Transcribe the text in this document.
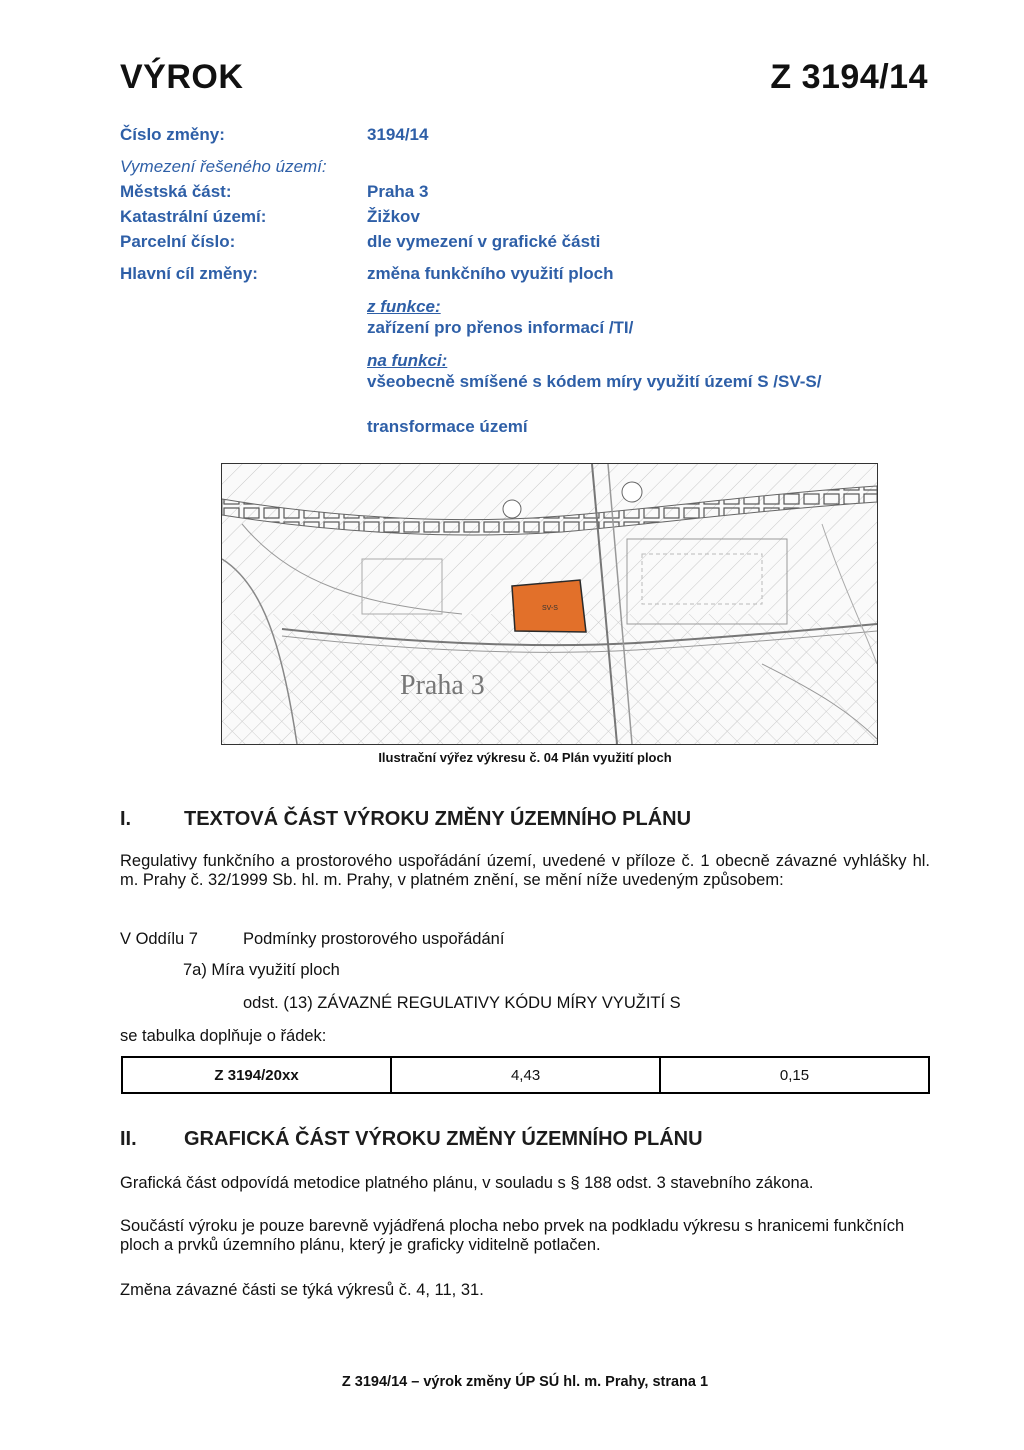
VÝROK	Z 3194/14
Číslo změny:	3194/14
Vymezení řešeného území:
Městská část:	Praha 3
Katastrální území:	Žižkov
Parcelní číslo:	dle vymezení v grafické části
Hlavní cíl změny:	změna funkčního využití ploch
z funkce:
zařízení pro přenos informací /TI/
na funkci:
všeobecně smíšené s kódem míry využití území S /SV-S/
transformace území
SV-S
Praha 3
Ilustrační výřez výkresu č. 04 Plán využití ploch
I.	TEXTOVÁ ČÁST VÝROKU ZMĚNY ÚZEMNÍHO PLÁNU
Regulativy funkčního a prostorového uspořádání území, uvedené v příloze č. 1 obecně závazné vyhlášky hl. m. Prahy č. 32/1999 Sb. hl. m. Prahy, v platném znění, se mění níže uvedeným způsobem:
V Oddílu 7	Podmínky prostorového uspořádání
7a) Míra využití ploch
odst. (13) ZÁVAZNÉ REGULATIVY KÓDU MÍRY VYUŽITÍ S
se tabulka doplňuje o řádek:
Z 3194/20xx	4,43	0,15
II. GRAFICKÁ ČÁST VÝROKU ZMĚNY ÚZEMNÍHO PLÁNU
Grafická část odpovídá metodice platného plánu, v souladu s § 188 odst. 3 stavebního zákona.
Součástí výroku je pouze barevně vyjádřená plocha nebo prvek na podkladu výkresu s hranicemi funkčních ploch a prvků územního plánu, který je graficky viditelně potlačen.
Změna závazné části se týká výkresů č. 4, 11, 31.
Z 3194/14 – výrok změny ÚP SÚ hl. m. Prahy, strana 1
